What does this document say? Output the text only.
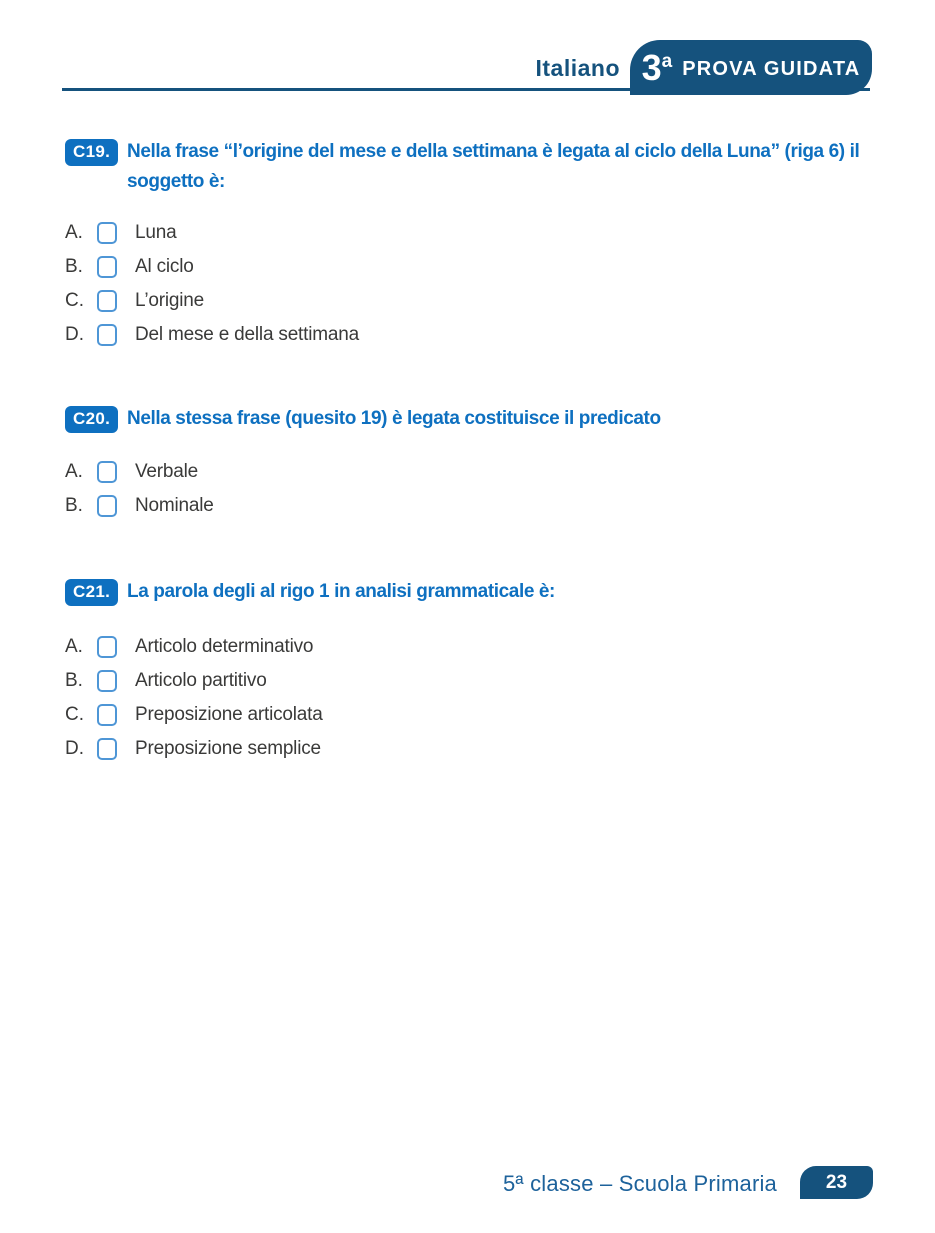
Italiano 3$^a$ PROVA GUIDATA
C19. Nella frase “l’origine del mese e della settimana è legata al ciclo della Luna” (riga 6) il soggetto è:

A.	Luna
B.	Al ciclo
C.	L’origine
D.	Del mese e della settimana
C20. Nella stessa frase (quesito 19) è legata costituisce il predicato

A.	Verbale
B.	Nominale
C21. La parola degli al rigo 1 in analisi grammaticale è:

A.	Articolo determinativo
B.	Articolo partitivo
C.	Preposizione articolata
D.	Preposizione semplice
5ª classe – Scuola Primaria	23
